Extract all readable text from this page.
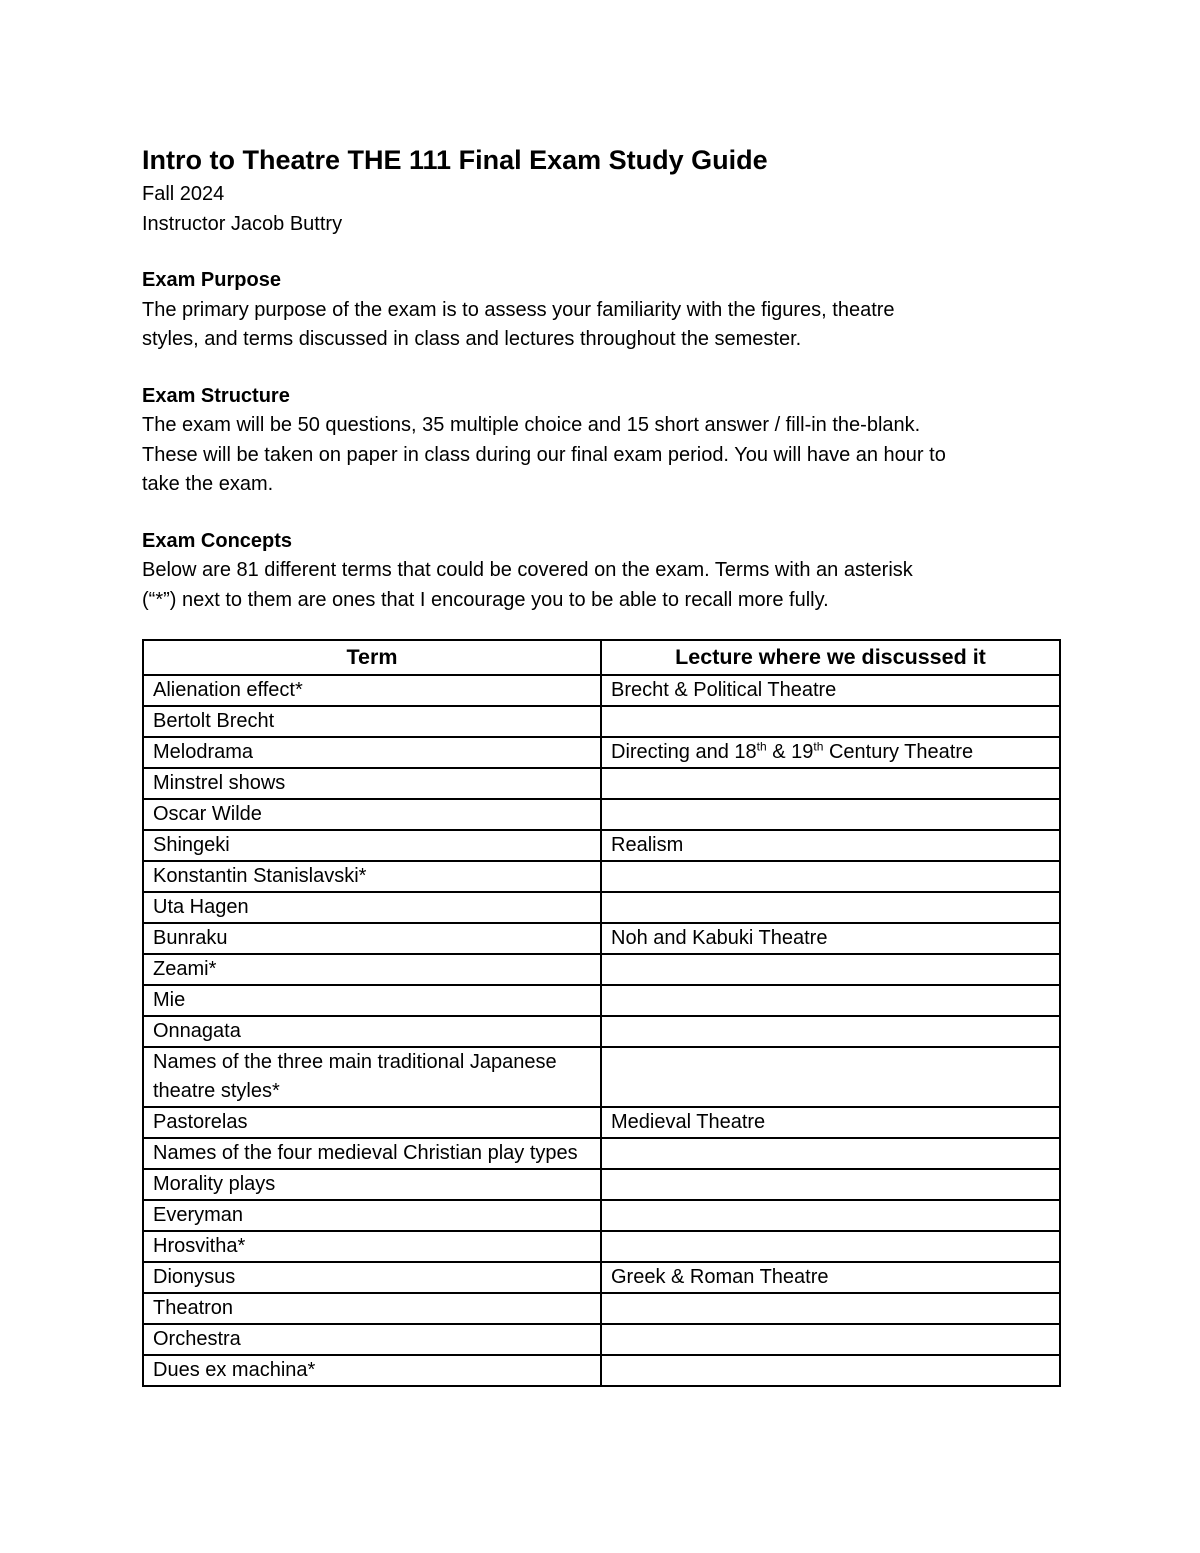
Intro to Theatre THE 111 Final Exam Study Guide

Fall 2024

Instructor Jacob Buttry

Exam Purpose

The primary purpose of the exam is to assess your familiarity with the figures, theatre

styles, and terms discussed in class and lectures throughout the semester.

Exam Structure

The exam will be 50 questions, 35 multiple choice and 15 short answer / fill-in the-blank.

These will be taken on paper in class during our final exam period. You will have an hour to

take the exam.

Exam Concepts

Below are 81 different terms that could be covered on the exam. Terms with an asterisk

(“*”) next to them are ones that I encourage you to be able to recall more fully.

Term	Lecture where we discussed it
Alienation effect*	Brecht & Political Theatre
Bertolt Brecht	
Melodrama	Directing and 18th & 19th Century Theatre
Minstrel shows	
Oscar Wilde	
Shingeki	Realism
Konstantin Stanislavski*	
Uta Hagen	
Bunraku	Noh and Kabuki Theatre
Zeami*	
Mie	
Onnagata	
Names of the three main traditional Japanese theatre styles*	
Pastorelas	Medieval Theatre
Names of the four medieval Christian play types	
Morality plays	
Everyman	
Hrosvitha*	
Dionysus	Greek & Roman Theatre
Theatron	
Orchestra	
Dues ex machina*	
